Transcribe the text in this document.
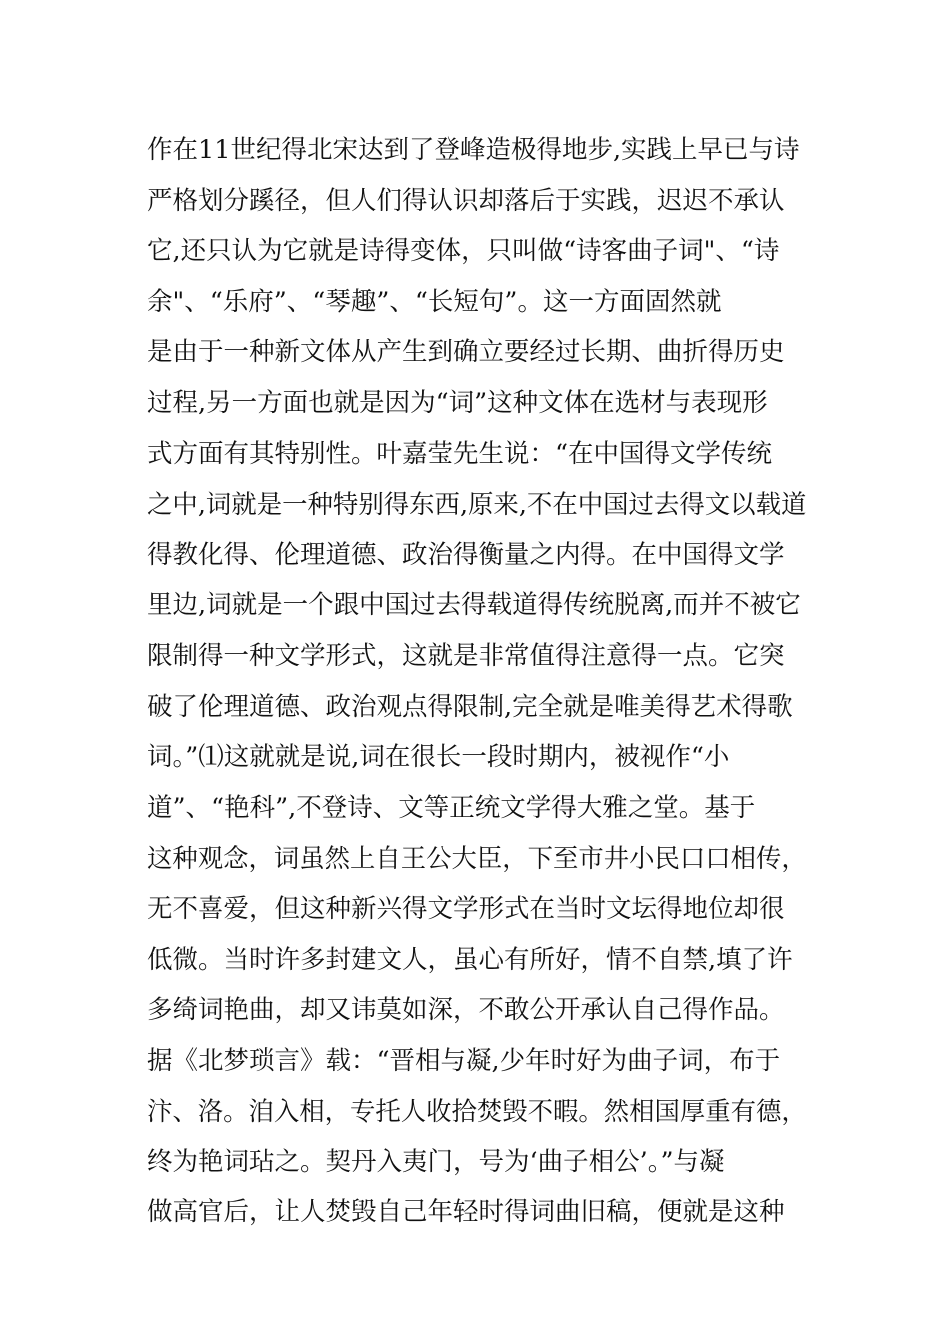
作在11世纪得北宋达到了登峰造极得地步,实践上早已与诗
严格划分蹊径，但人们得认识却落后于实践，迟迟不承认
它,还只认为它就是诗得变体，只叫做“诗客曲子词"、“诗
余"、“乐府”、“琴趣”、“长短句”。这一方面固然就
是由于一种新文体从产生到确立要经过长期、曲折得历史
过程,另一方面也就是因为“词”这种文体在选材与表现形
式方面有其特别性。叶嘉莹先生说：“在中国得文学传统
之中,词就是一种特别得东西,原来,不在中国过去得文以载道
得教化得、伦理道德、政治得衡量之内得。在中国得文学
里边,词就是一个跟中国过去得载道得传统脱离,而并不被它
限制得一种文学形式，这就是非常值得注意得一点。它突
破了伦理道德、政治观点得限制,完全就是唯美得艺术得歌
词。”⑴这就就是说,词在很长一段时期内，被视作“小
道”、“艳科”,不登诗、文等正统文学得大雅之堂。基于
这种观念，词虽然上自王公大臣，下至市井小民口口相传，
无不喜爱，但这种新兴得文学形式在当时文坛得地位却很
低微。当时许多封建文人，虽心有所好，情不自禁,填了许
多绮词艳曲，却又讳莫如深，不敢公开承认自己得作品。
据《北梦琐言》载：“晋相与凝,少年时好为曲子词，布于
汴、洛。洎入相，专托人收拾焚毁不暇。然相国厚重有德，
终为艳词玷之。契丹入夷门，号为‘曲子相公’。”与凝
做高官后，让人焚毁自己年轻时得词曲旧稿，便就是这种
